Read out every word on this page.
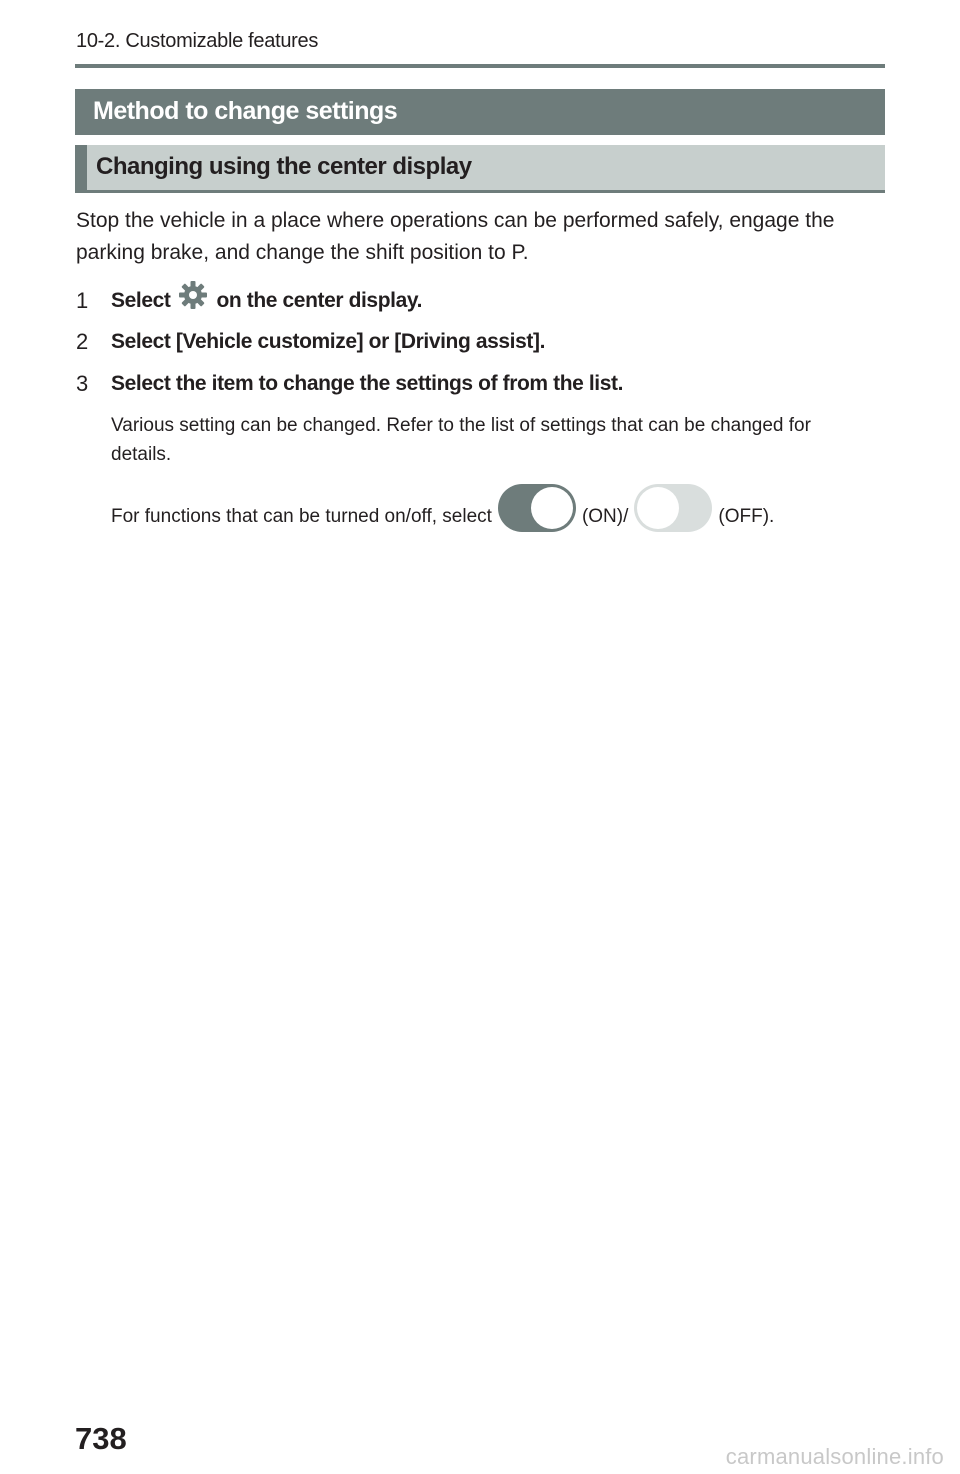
10-2. Customizable features
Method to change settings
Changing using the center display

Stop the vehicle in a place where operations can be performed safely, engage the parking brake, and change the shift position to P.

1	Select on the center display.
2	Select [Vehicle customize] or [Driving assist].
3	Select the item to change the settings of from the list.

Various setting can be changed. Refer to the list of settings that can be changed for details.

For functions that can be turned on/off, select	(ON)/	(OFF).
738
carmanualsonline.info
